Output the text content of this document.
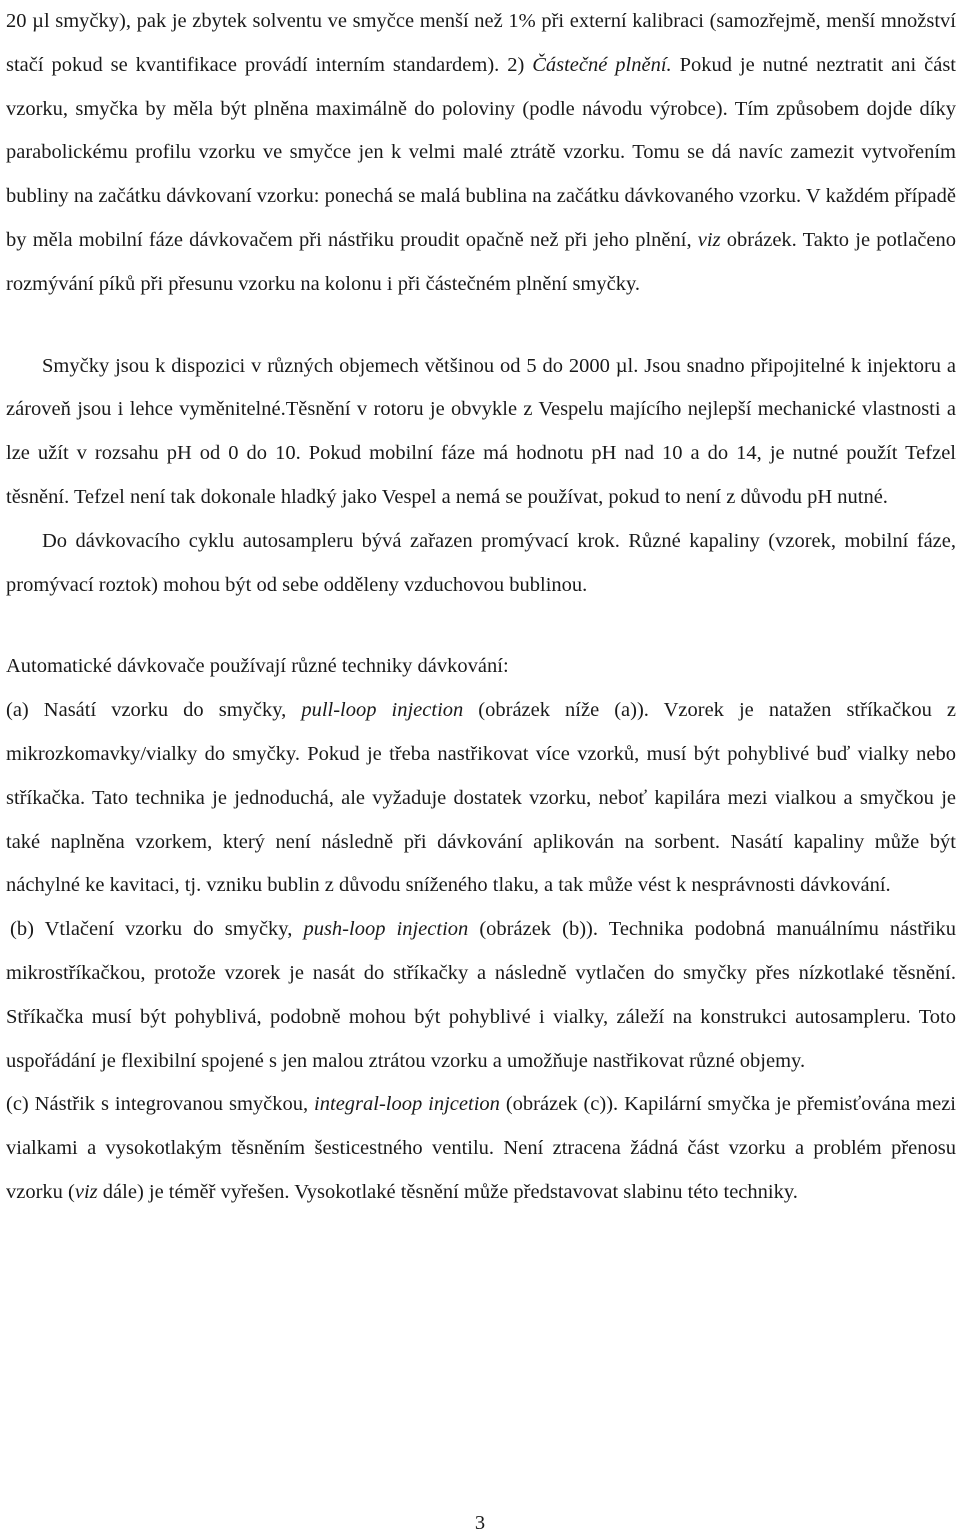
20 µl smyčky), pak je zbytek solventu ve smyčce menší než 1% při externí kalibraci (samozřejmě, menší množství stačí pokud se kvantifikace provádí interním standardem). 2) Částečné plnění. Pokud je nutné neztratit ani část vzorku, smyčka by měla být plněna maximálně do poloviny (podle návodu výrobce). Tím způsobem dojde díky parabolickému profilu vzorku ve smyčce jen k velmi malé ztrátě vzorku. Tomu se dá navíc zamezit vytvořením bubliny na začátku dávkovaní vzorku: ponechá se malá bublina na začátku dávkovaného vzorku. V každém případě by měla mobilní fáze dávkovačem při nástřiku proudit opačně než při jeho plnění, viz obrázek. Takto je potlačeno rozmývání píků při přesunu vzorku na kolonu i při částečném plnění smyčky.

Smyčky jsou k dispozici v různých objemech většinou od 5 do 2000 µl. Jsou snadno připojitelné k injektoru a zároveň jsou i lehce vyměnitelné.Těsnění v rotoru je obvykle z Vespelu majícího nejlepší mechanické vlastnosti a lze užít v rozsahu pH od 0 do 10. Pokud mobilní fáze má hodnotu pH nad 10 a do 14, je nutné použít Tefzel těsnění. Tefzel není tak dokonale hladký jako Vespel a nemá se používat, pokud to není z důvodu pH nutné.

Do dávkovacího cyklu autosampleru bývá zařazen promývací krok. Různé kapaliny (vzorek, mobilní fáze, promývací roztok) mohou být od sebe odděleny vzduchovou bublinou.

Automatické dávkovače používají různé techniky dávkování:

(a) Nasátí vzorku do smyčky, pull-loop injection (obrázek níže (a)). Vzorek je natažen stříkačkou z mikrozkomavky/vialky do smyčky. Pokud je třeba nastřikovat více vzorků, musí být pohyblivé buď vialky nebo stříkačka. Tato technika je jednoduchá, ale vyžaduje dostatek vzorku, neboť kapilára mezi vialkou a smyčkou je také naplněna vzorkem, který není následně při dávkování aplikován na sorbent. Nasátí kapaliny může být náchylné ke kavitaci, tj. vzniku bublin z důvodu sníženého tlaku, a tak může vést k nesprávnosti dávkování.

(b) Vtlačení vzorku do smyčky, push-loop injection (obrázek (b)). Technika podobná manuálnímu nástřiku mikrostříkačkou, protože vzorek je nasát do stříkačky a následně vytlačen do smyčky přes nízkotlaké těsnění. Stříkačka musí být pohyblivá, podobně mohou být pohyblivé i vialky, záleží na konstrukci autosampleru. Toto uspořádání je flexibilní spojené s jen malou ztrátou vzorku a umožňuje nastřikovat různé objemy.

(c) Nástřik s integrovanou smyčkou, integral-loop injcetion (obrázek (c)). Kapilární smyčka je přemisťována mezi vialkami a vysokotlakým těsněním šesticestného ventilu. Není ztracena žádná část vzorku a problém přenosu vzorku (viz dále) je téměř vyřešen. Vysokotlaké těsnění může představovat slabinu této techniky.

3
